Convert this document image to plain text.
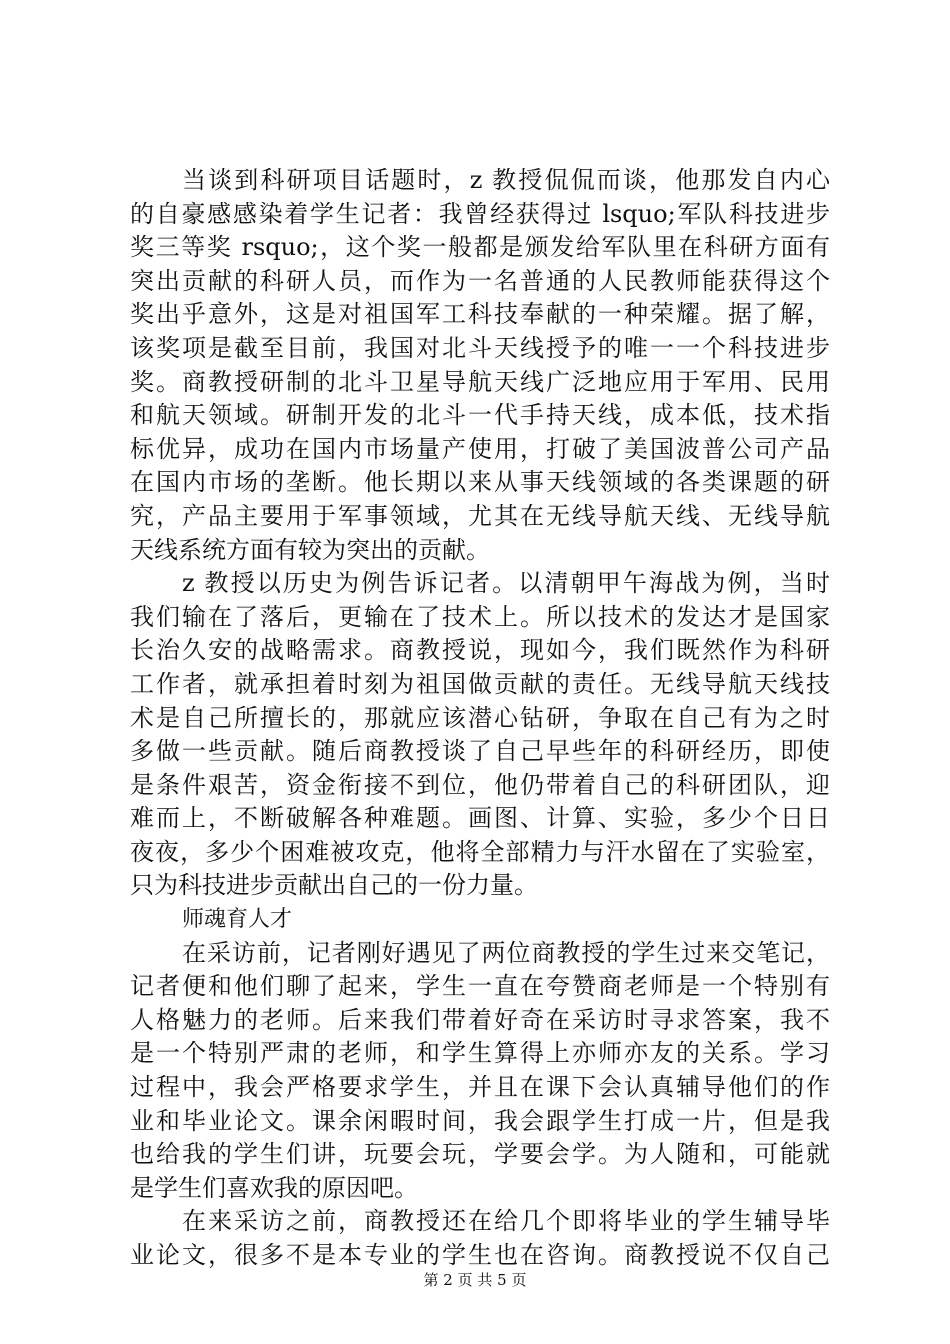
当谈到科研项目话题时，z 教授侃侃而谈，他那发自内心
的自豪感感染着学生记者：我曾经获得过 lsquo;军队科技进步
奖三等奖 rsquo;，这个奖一般都是颁发给军队里在科研方面有
突出贡献的科研人员，而作为一名普通的人民教师能获得这个
奖出乎意外，这是对祖国军工科技奉献的一种荣耀。据了解，
该奖项是截至目前，我国对北斗天线授予的唯一一个科技进步
奖。商教授研制的北斗卫星导航天线广泛地应用于军用、民用
和航天领域。研制开发的北斗一代手持天线，成本低，技术指
标优异，成功在国内市场量产使用，打破了美国波普公司产品
在国内市场的垄断。他长期以来从事天线领域的各类课题的研
究，产品主要用于军事领域，尤其在无线导航天线、无线导航
天线系统方面有较为突出的贡献。
z 教授以历史为例告诉记者。以清朝甲午海战为例，当时
我们输在了落后，更输在了技术上。所以技术的发达才是国家
长治久安的战略需求。商教授说，现如今，我们既然作为科研
工作者，就承担着时刻为祖国做贡献的责任。无线导航天线技
术是自己所擅长的，那就应该潜心钻研，争取在自己有为之时
多做一些贡献。随后商教授谈了自己早些年的科研经历，即使
是条件艰苦，资金衔接不到位，他仍带着自己的科研团队，迎
难而上，不断破解各种难题。画图、计算、实验，多少个日日
夜夜，多少个困难被攻克，他将全部精力与汗水留在了实验室，
只为科技进步贡献出自己的一份力量。
师魂育人才
在采访前，记者刚好遇见了两位商教授的学生过来交笔记，
记者便和他们聊了起来，学生一直在夸赞商老师是一个特别有
人格魅力的老师。后来我们带着好奇在采访时寻求答案，我不
是一个特别严肃的老师，和学生算得上亦师亦友的关系。学习
过程中，我会严格要求学生，并且在课下会认真辅导他们的作
业和毕业论文。课余闲暇时间，我会跟学生打成一片，但是我
也给我的学生们讲，玩要会玩，学要会学。为人随和，可能就
是学生们喜欢我的原因吧。
在来采访之前，商教授还在给几个即将毕业的学生辅导毕
业论文，很多不是本专业的学生也在咨询。商教授说不仅自己
第 2 页 共 5 页
